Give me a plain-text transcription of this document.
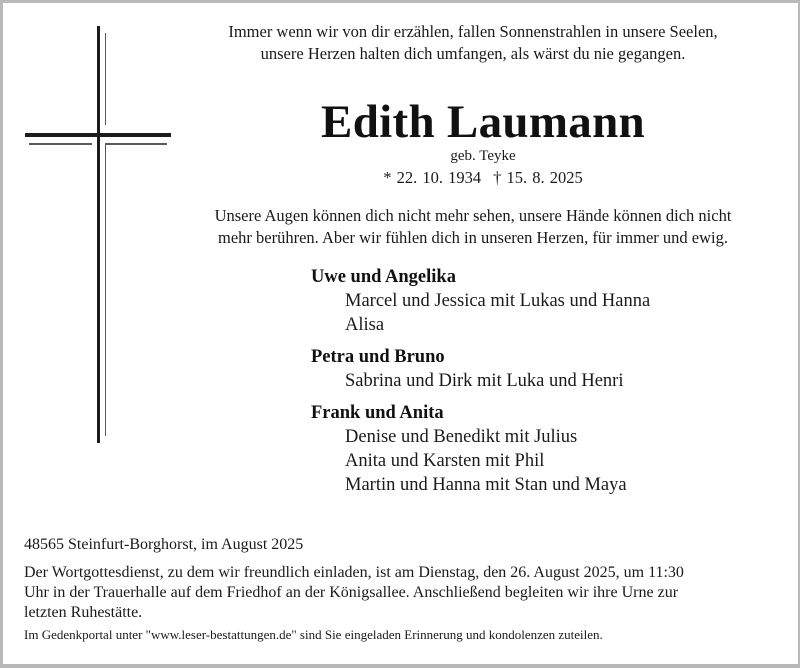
Immer wenn wir von dir erzählen, fallen Sonnenstrahlen in unsere Seelen,
unsere Herzen halten dich umfangen, als wärst du nie gegangen.
Edith Laumann
geb. Teyke
* 22. 10. 1934 † 15. 8. 2025
Unsere Augen können dich nicht mehr sehen, unsere Hände können dich nicht
mehr berühren. Aber wir fühlen dich in unseren Herzen, für immer und ewig.
Uwe und Angelika
Marcel und Jessica mit Lukas und Hanna
Alisa
Petra und Bruno
Sabrina und Dirk mit Luka und Henri
Frank und Anita
Denise und Benedikt mit Julius
Anita und Karsten mit Phil
Martin und Hanna mit Stan und Maya
48565 Steinfurt-Borghorst, im August 2025
Der Wortgottesdienst, zu dem wir freundlich einladen, ist am Dienstag, den 26. August 2025, um 11:30
Uhr in der Trauerhalle auf dem Friedhof an der Königsallee. Anschließend begleiten wir ihre Urne zur
letzten Ruhestätte.
Im Gedenkportal unter "www.leser-bestattungen.de" sind Sie eingeladen Erinnerung und kondolenzen zuteilen.
